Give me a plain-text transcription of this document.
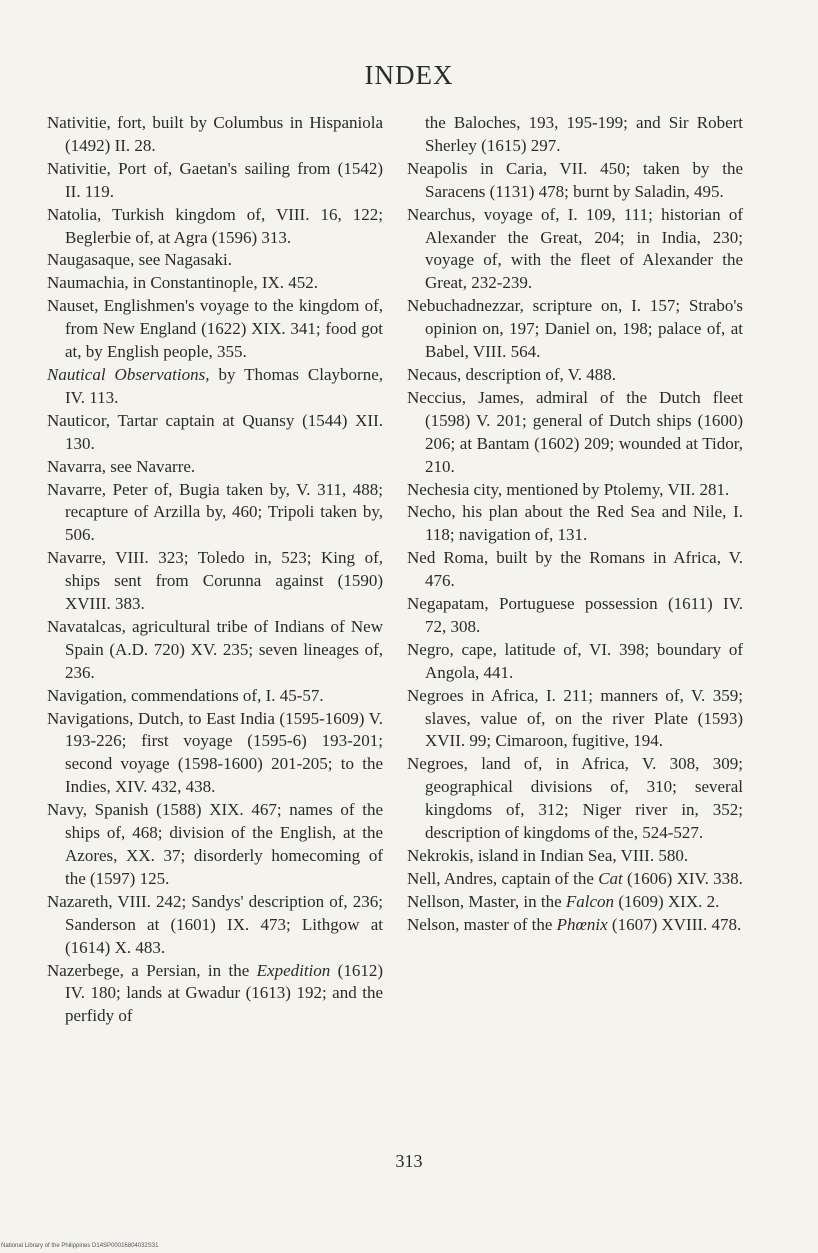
INDEX

Nativitie, fort, built by Columbus in Hispaniola (1492) II. 28.

Nativitie, Port of, Gaetan's sailing from (1542) II. 119.

Natolia, Turkish kingdom of, VIII. 16, 122; Beglerbie of, at Agra (1596) 313.

Naugasaque, see Nagasaki.

Naumachia, in Constantinople, IX. 452.

Nauset, Englishmen's voyage to the kingdom of, from New England (1622) XIX. 341; food got at, by English people, 355.

Nautical Observations, by Thomas Clayborne, IV. 113.

Nauticor, Tartar captain at Quansy (1544) XII. 130.

Navarra, see Navarre.

Navarre, Peter of, Bugia taken by, V. 311, 488; recapture of Arzilla by, 460; Tripoli taken by, 506.

Navarre, VIII. 323; Toledo in, 523; King of, ships sent from Corunna against (1590) XVIII. 383.

Navatalcas, agricultural tribe of Indians of New Spain (A.D. 720) XV. 235; seven lineages of, 236.

Navigation, commendations of, I. 45-57.

Navigations, Dutch, to East India (1595-1609) V. 193-226; first voyage (1595-6) 193-201; second voyage (1598-1600) 201-205; to the Indies, XIV. 432, 438.

Navy, Spanish (1588) XIX. 467; names of the ships of, 468; division of the English, at the Azores, XX. 37; disorderly homecoming of the (1597) 125.

Nazareth, VIII. 242; Sandys' description of, 236; Sanderson at (1601) IX. 473; Lithgow at (1614) X. 483.

Nazerbege, a Persian, in the Expedition (1612) IV. 180; lands at Gwadur (1613) 192; and the perfidy of

the Baloches, 193, 195-199; and Sir Robert Sherley (1615) 297.

Neapolis in Caria, VII. 450; taken by the Saracens (1131) 478; burnt by Saladin, 495.

Nearchus, voyage of, I. 109, 111; historian of Alexander the Great, 204; in India, 230; voyage of, with the fleet of Alexander the Great, 232-239.

Nebuchadnezzar, scripture on, I. 157; Strabo's opinion on, 197; Daniel on, 198; palace of, at Babel, VIII. 564.

Necaus, description of, V. 488.

Neccius, James, admiral of the Dutch fleet (1598) V. 201; general of Dutch ships (1600) 206; at Bantam (1602) 209; wounded at Tidor, 210.

Nechesia city, mentioned by Ptolemy, VII. 281.

Necho, his plan about the Red Sea and Nile, I. 118; navigation of, 131.

Ned Roma, built by the Romans in Africa, V. 476.

Negapatam, Portuguese possession (1611) IV. 72, 308.

Negro, cape, latitude of, VI. 398; boundary of Angola, 441.

Negroes in Africa, I. 211; manners of, V. 359; slaves, value of, on the river Plate (1593) XVII. 99; Cimaroon, fugitive, 194.

Negroes, land of, in Africa, V. 308, 309; geographical divisions of, 310; several kingdoms of, 312; Niger river in, 352; description of kingdoms of the, 524-527.

Nekrokis, island in Indian Sea, VIII. 580.

Nell, Andres, captain of the Cat (1606) XIV. 338.

Nellson, Master, in the Falcon (1609) XIX. 2.

Nelson, master of the Phœnix (1607) XVIII. 478.

313
National Library of the Philippines D14SP00016804032S31
